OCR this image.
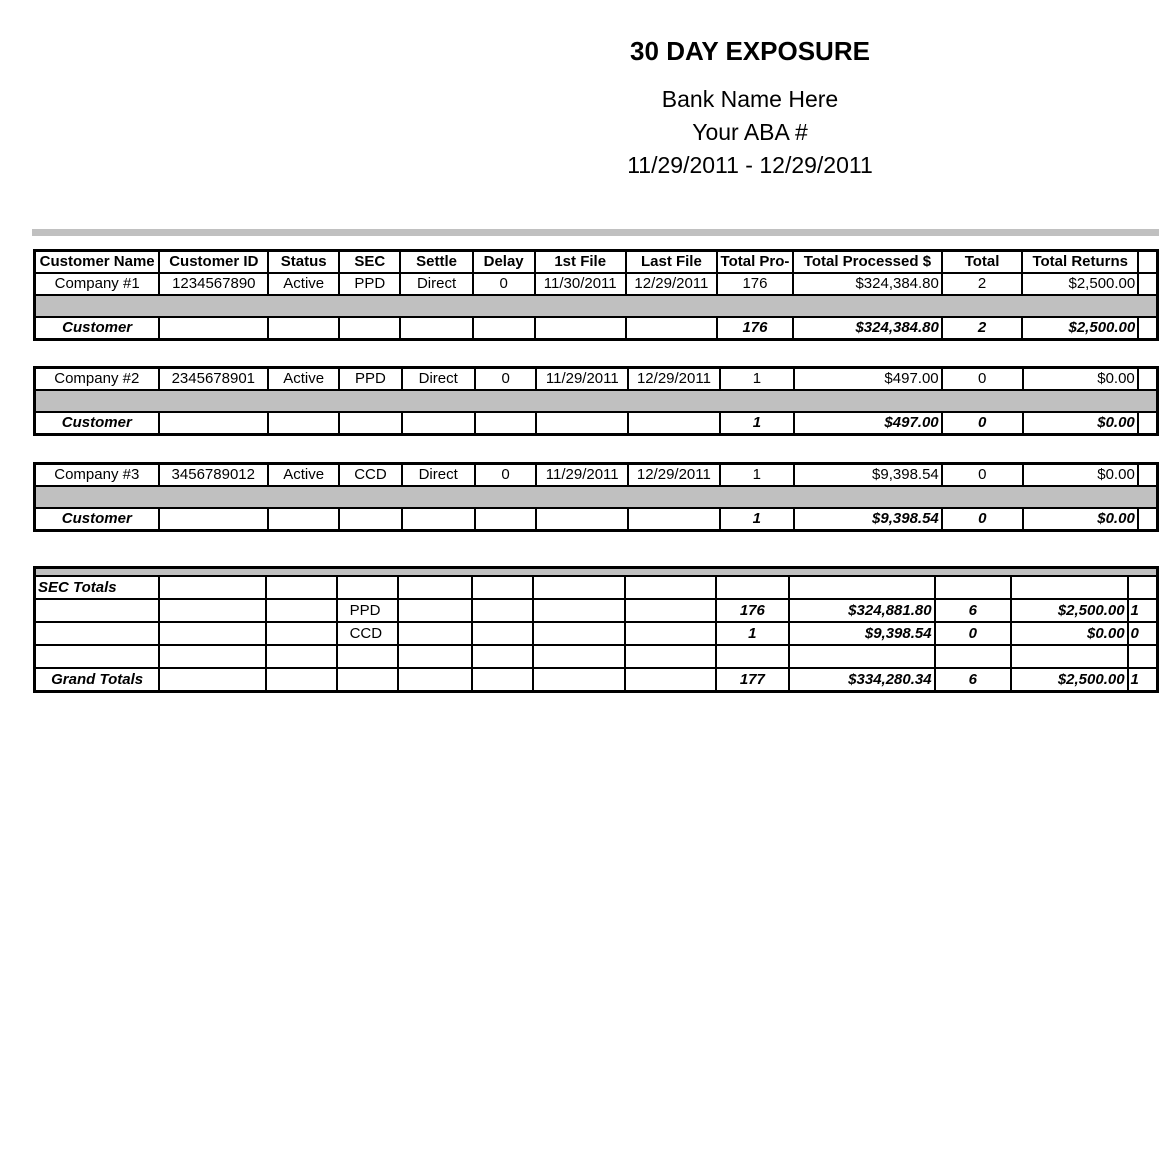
30 DAY EXPOSURE
Bank Name Here
Your ABA #
11/29/2011 - 12/29/2011
Customer Name	Customer ID	Status	SEC	Settle	Delay	1st File	Last File	Total Pro-	Total Processed $	Total	Total Returns	
Company #1	1234567890	Active	PPD	Direct	0	11/30/2011	12/29/2011	176	$324,384.80	2	$2,500.00	

Customer								176	$324,384.80	2	$2,500.00	
Company #2	2345678901	Active	PPD	Direct	0	11/29/2011	12/29/2011	1	$497.00	0	$0.00	

Customer								1	$497.00	0	$0.00	
Company #3	3456789012	Active	CCD	Direct	0	11/29/2011	12/29/2011	1	$9,398.54	0	$0.00	

Customer								1	$9,398.54	0	$0.00	

SEC Totals												
			PPD					176	$324,881.80	6	$2,500.00	1
			CCD					1	$9,398.54	0	$0.00	0

Grand Totals								177	$334,280.34	6	$2,500.00	1
